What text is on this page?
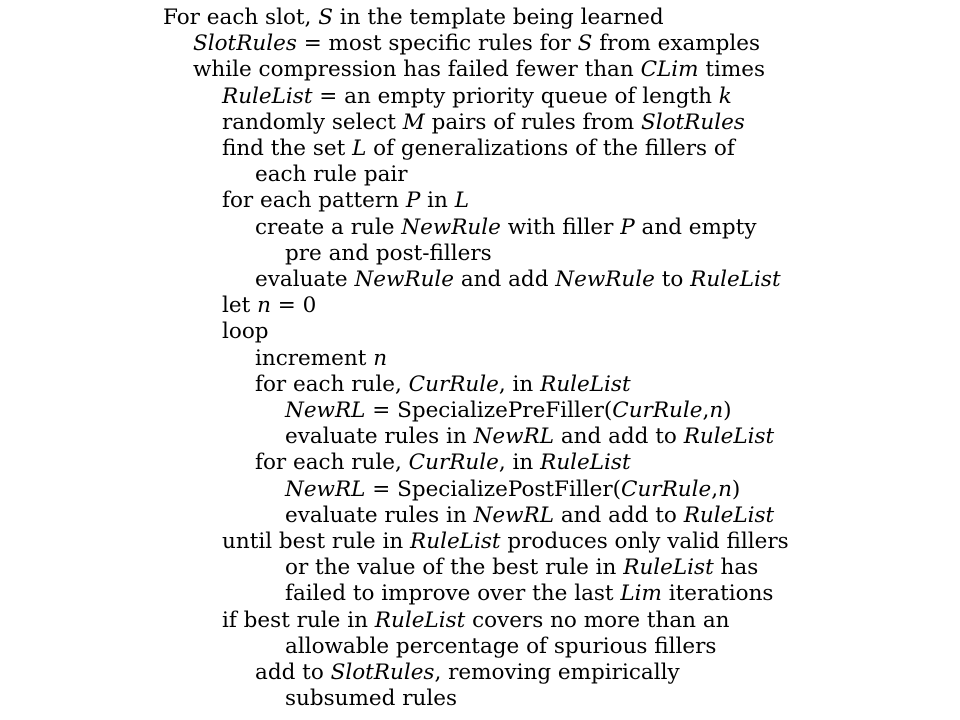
For each slot, S in the template being learned
SlotRules = most specific rules for S from examples
while compression has failed fewer than CLim times
RuleList = an empty priority queue of length k
randomly select M pairs of rules from SlotRules
find the set L of generalizations of the fillers of
each rule pair
for each pattern P in L
create a rule NewRule with filler P and empty
pre and post-fillers
evaluate NewRule and add NewRule to RuleList
let n = 0
loop
increment n
for each rule, CurRule, in RuleList
NewRL = SpecializePreFiller(CurRule,n)
evaluate rules in NewRL and add to RuleList
for each rule, CurRule, in RuleList
NewRL = SpecializePostFiller(CurRule,n)
evaluate rules in NewRL and add to RuleList
until best rule in RuleList produces only valid fillers
or the value of the best rule in RuleList has
failed to improve over the last Lim iterations
if best rule in RuleList covers no more than an
allowable percentage of spurious fillers
add to SlotRules, removing empirically
subsumed rules
